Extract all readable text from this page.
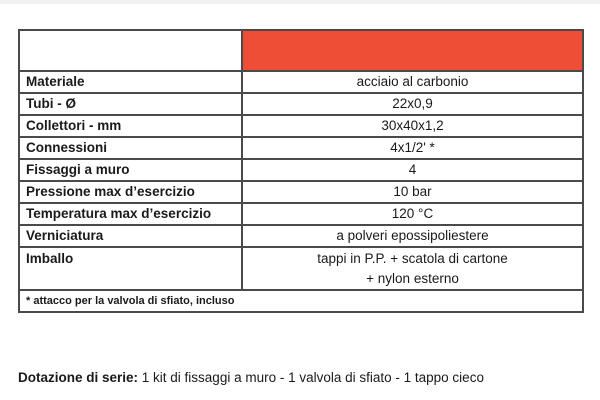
Materiale	acciaio al carbonio
Tubi - Ø	22x0,9
Collettori - mm	30x40x1,2
Connessioni	4x1/2' *
Fissaggi a muro	4
Pressione max d’esercizio	10 bar
Temperatura max d’esercizio	120 °C
Verniciatura	a polveri epossipoliestere
Imballo	tappi in P.P. + scatola di cartone
+ nylon esterno

* attacco per la valvola di sfiato, incluso	
Dotazione di serie: 1 kit di fissaggi a muro - 1 valvola di sfiato - 1 tappo cieco
